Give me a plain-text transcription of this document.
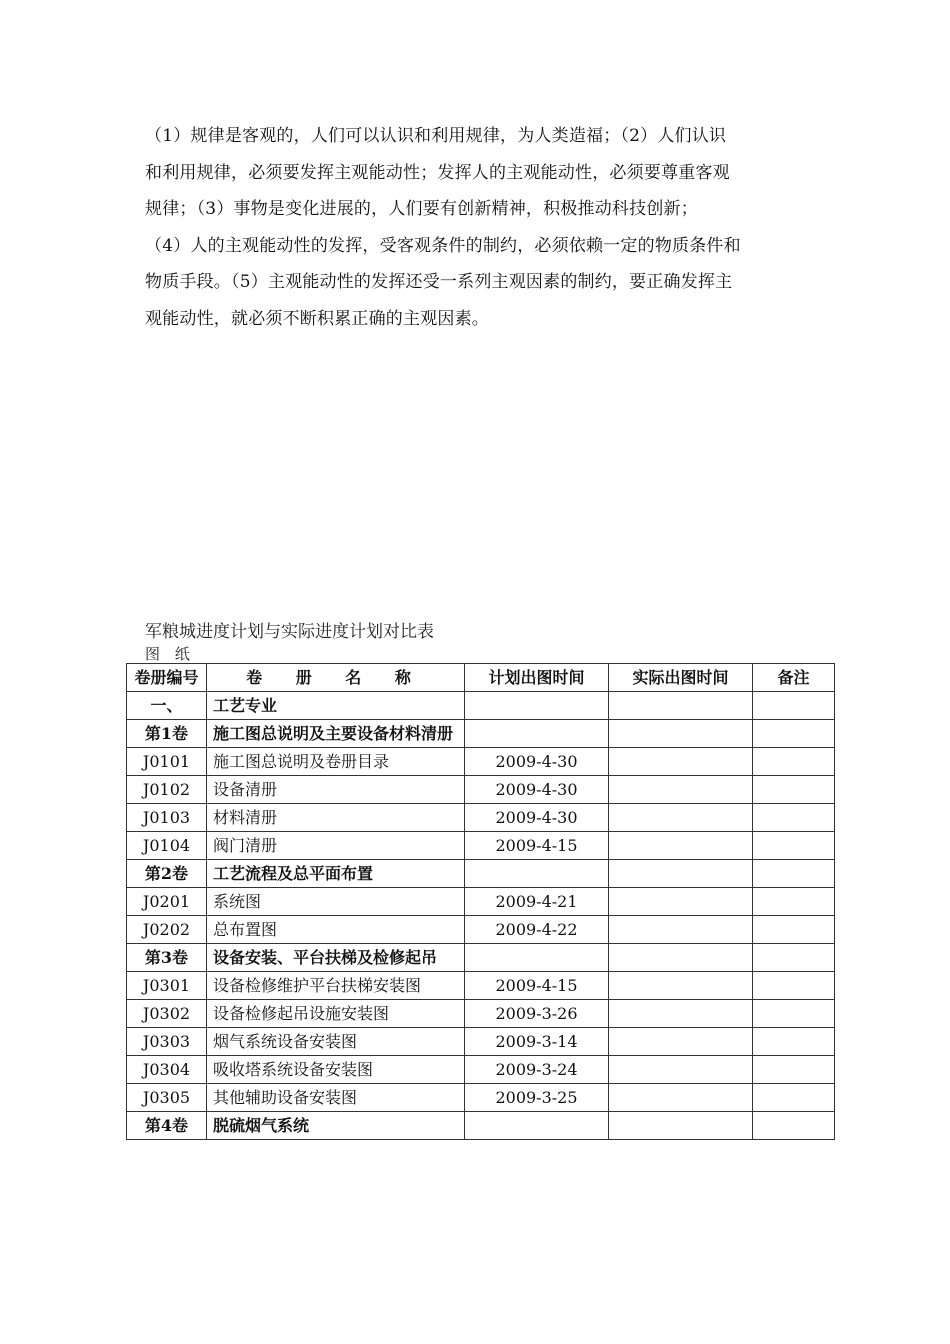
（1）规律是客观的，人们可以认识和利用规律，为人类造福；（2）人们认识
和利用规律，必须要发挥主观能动性；发挥人的主观能动性，必须要尊重客观
规律；（3）事物是变化进展的，人们要有创新精神，积极推动科技创新；
（4）人的主观能动性的发挥，受客观条件的制约，必须依赖一定的物质条件和
物质手段。（5）主观能动性的发挥还受一系列主观因素的制约，要正确发挥主
观能动性，就必须不断积累正确的主观因素。
军粮城进度计划与实际进度计划对比表
图 纸
卷册编号	卷 册 名 称	计划出图时间	实际出图时间	备注
一、	工艺专业			
第1卷	施工图总说明及主要设备材料清册			
J0101	施工图总说明及卷册目录	2009-4-30		
J0102	设备清册	2009-4-30		
J0103	材料清册	2009-4-30		
J0104	阀门清册	2009-4-15		
第2卷	工艺流程及总平面布置			
J0201	系统图	2009-4-21		
J0202	总布置图	2009-4-22		
第3卷	设备安装、平台扶梯及检修起吊			
J0301	设备检修维护平台扶梯安装图	2009-4-15		
J0302	设备检修起吊设施安装图	2009-3-26		
J0303	烟气系统设备安装图	2009-3-14		
J0304	吸收塔系统设备安装图	2009-3-24		
J0305	其他辅助设备安装图	2009-3-25		
第4卷	脱硫烟气系统			
